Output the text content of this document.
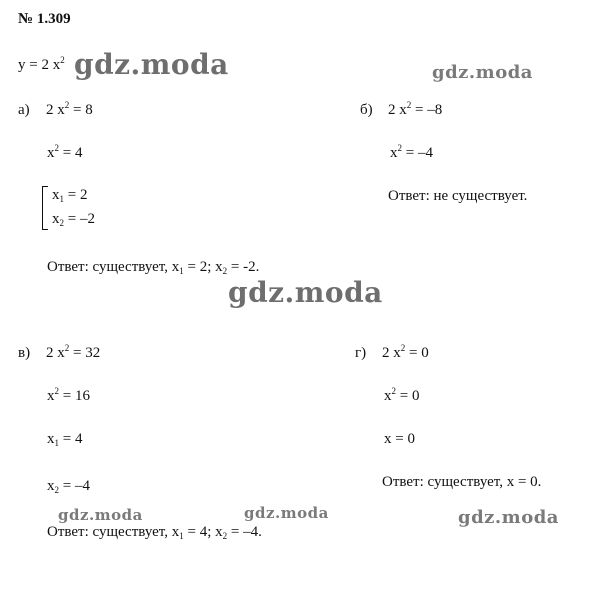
№ 1.309
у = 2 $х^2$
а) 2 $х^2 = 8$
$х^2 = 4$
$x_1 = 2$
$x_2 = -2$
Ответ: существует, $х_1 = 2$; $х_2 = -2$.
б) 2 $х^2 = -8$
$х^2 = -4$
Ответ: не существует.
в) 2 $х^2 = 32$
$х^2 = 16$
$х_1 = 4$
$х_2 = -4$
Ответ: существует, $х_1 = 4$; $х_2 = -4$.
г) 2 $х^2 = 0$
$х^2 = 0$
х = 0
Ответ: существует, х = 0.
gdz.moda	gdz.moda
gdz.moda
gdz.moda	gdz.moda	gdz.moda
